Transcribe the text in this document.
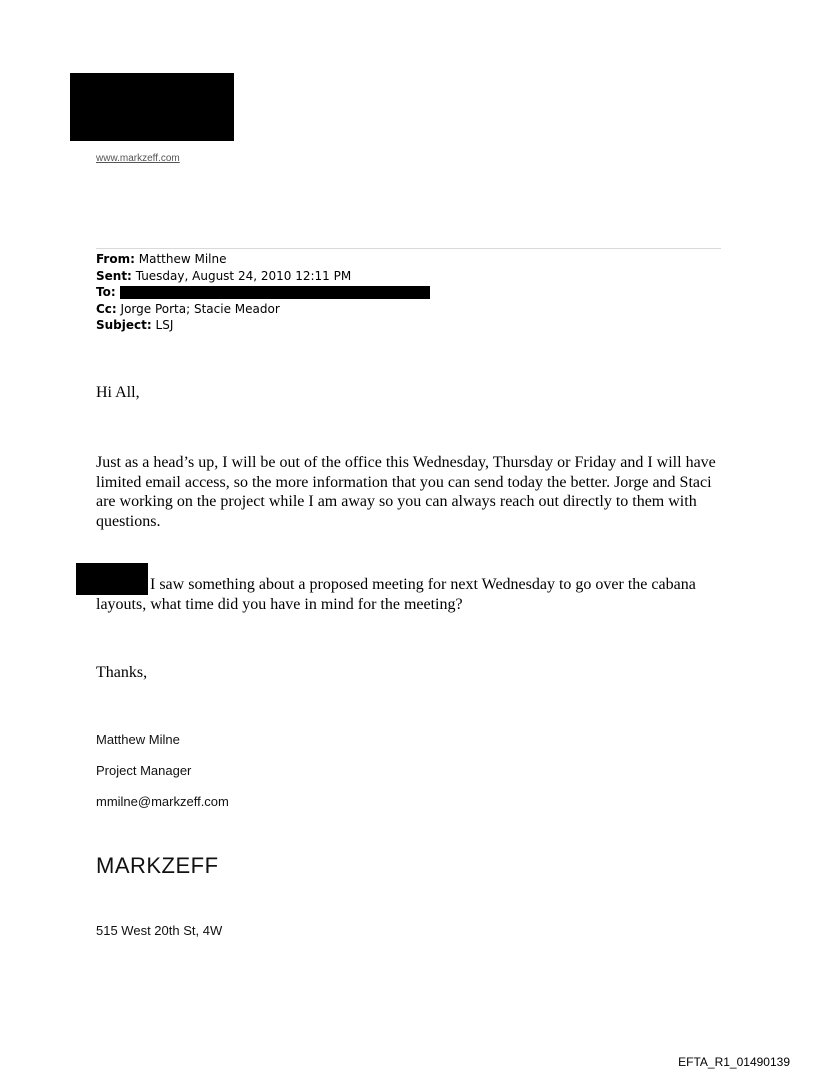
www.markzeff.com
From: Matthew Milne
Sent: Tuesday, August 24, 2010 12:11 PM
To:
Cc: Jorge Porta; Stacie Meador
Subject: LSJ
Hi All,
Just as a head’s up, I will be out of the office this Wednesday, Thursday or Friday and I will have limited email access, so the more information that you can send today the better. Jorge and Staci are working on the project while I am away so you can always reach out directly to them with questions.
I saw something about a proposed meeting for next Wednesday to go over the cabana
layouts, what time did you have in mind for the meeting?
Thanks,
Matthew Milne
Project Manager
mmilne@markzeff.com
MARKZEFF
515 West 20th St, 4W
EFTA_R1_01490139
